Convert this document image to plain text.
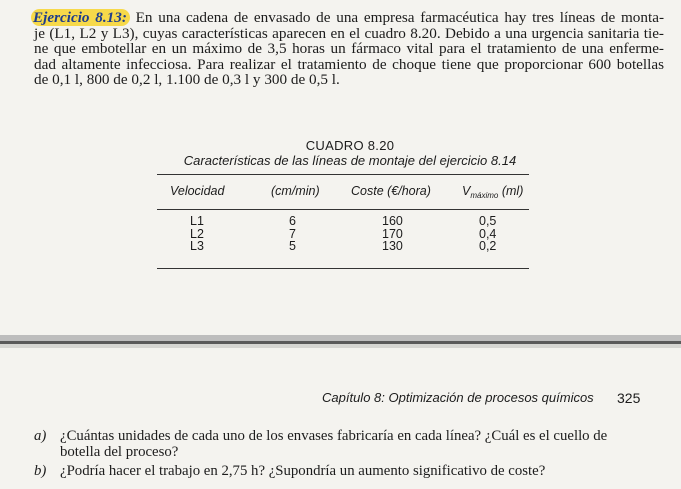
Ejercicio 8.13: En una cadena de envasado de una empresa farmacéutica hay tres líneas de monta-
je (L1, L2 y L3), cuyas características aparecen en el cuadro 8.20. Debido a una urgencia sanitaria tie-
ne que embotellar en un máximo de 3,5 horas un fármaco vital para el tratamiento de una enfermе-
dad altamente infecciosa. Para realizar el tratamiento de choque tiene que proporcionar 600 botellas
de 0,1 l, 800 de 0,2 l, 1.100 de 0,3 l y 300 de 0,5 l.
CUADRO 8.20
Características de las líneas de montaje del ejercicio 8.14
Velocidad	(cm/min)	Coste (€/hora) $V_{máximo}$ (ml)
L1
L2
L3
6
7
5
160
170
130
0,5
0,4
0,2
Capítulo 8: Optimización de procesos químicos 325
a) ¿Cuántas unidades de cada uno de los envases fabricaría en cada línea? ¿Cuál es el cuello de
botella del proceso?
b) ¿Podría hacer el trabajo en 2,75 h? ¿Supondría un aumento significativo de coste?
